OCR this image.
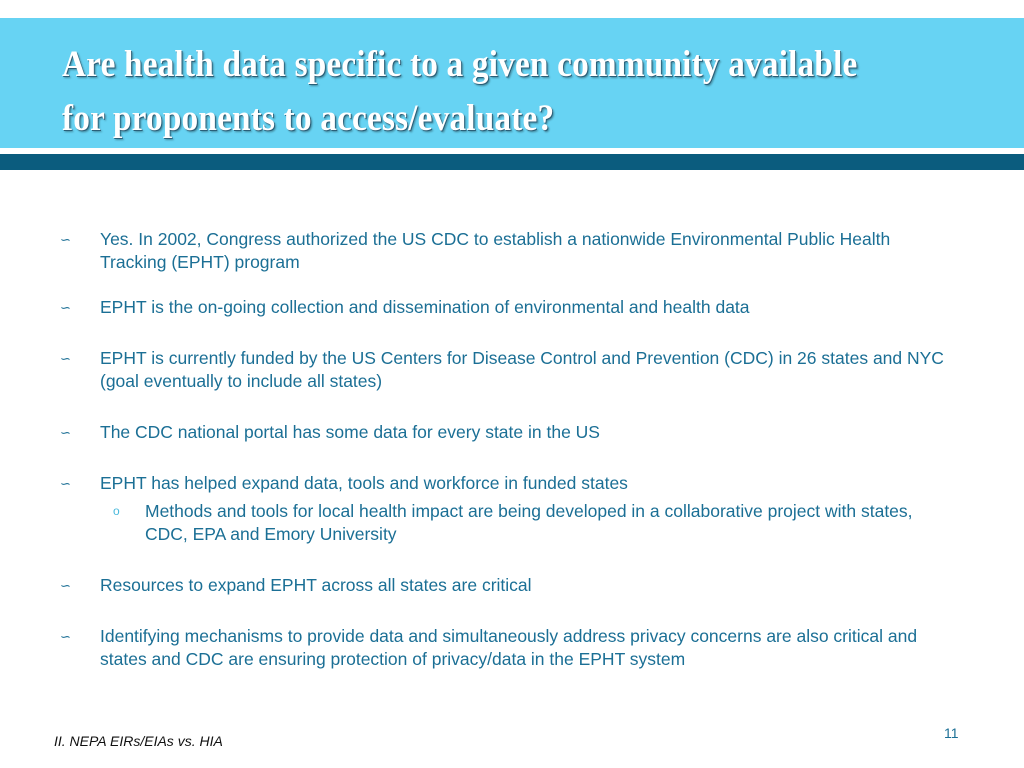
Are health data specific to a given community available
for proponents to access/evaluate?
∽	Yes. In 2002, Congress authorized the US CDC to establish a nationwide Environmental Public Health Tracking (EPHT) program
∽	EPHT is the on-going collection and dissemination of environmental and health data
∽	EPHT is currently funded by the US Centers for Disease Control and Prevention (CDC) in 26 states and NYC (goal eventually to include all states)
∽	The CDC national portal has some data for every state in the US
∽	EPHT has helped expand data, tools and workforce in funded states
o Methods and tools for local health impact are being developed in a collaborative project with states, CDC, EPA and Emory University
∽	Resources to expand EPHT across all states are critical
∽	Identifying mechanisms to provide data and simultaneously address privacy concerns are also critical and states and CDC are ensuring protection of privacy/data in the EPHT system
II. NEPA EIRs/EIAs vs. HIA	11
